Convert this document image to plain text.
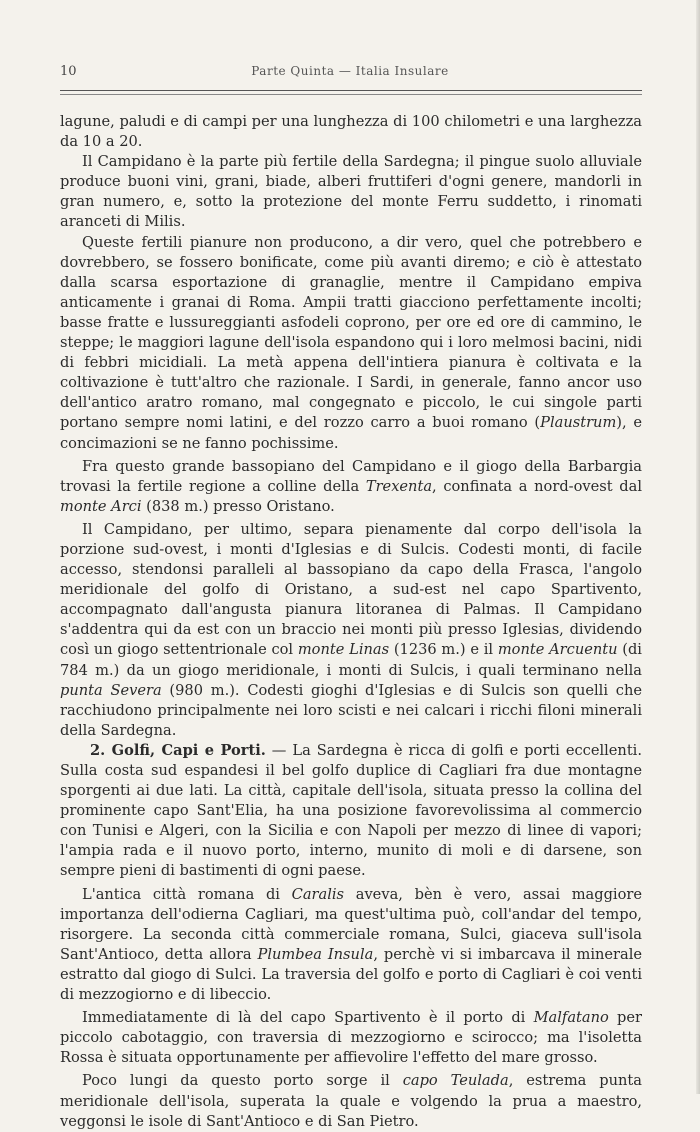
10	Parte Quinta — Italia Insulare

lagune, paludi e di campi per una lunghezza di 100 chilometri e una larghezza da 10 a 20.

Il Campidano è la parte più fertile della Sardegna; il pingue suolo alluviale produce buoni vini, grani, biade, alberi fruttiferi d'ogni genere, mandorli in gran numero, e, sotto la protezione del monte Ferru suddetto, i rinomati aranceti di Milis.

Queste fertili pianure non producono, a dir vero, quel che potrebbero e dovrebbero, se fossero bonificate, come più avanti diremo; e ciò è attestato dalla scarsa esportazione di granaglie, mentre il Campidano empiva anticamente i granai di Roma. Ampii tratti giacciono perfettamente incolti; basse fratte e lussureggianti asfodeli coprono, per ore ed ore di cammino, le steppe; le maggiori lagune dell'isola espandono qui i loro melmosi bacini, nidi di febbri micidiali. La metà appena dell'intiera pianura è coltivata e la coltivazione è tutt'altro che razionale. I Sardi, in generale, fanno ancor uso dell'antico aratro romano, mal congegnato e piccolo, le cui singole parti portano sempre nomi latini, e del rozzo carro a buoi romano (Plaustrum), e concimazioni se ne fanno pochissime.

Fra questo grande bassopiano del Campidano e il giogo della Barbargia trovasi la fertile regione a colline della Trexenta, confinata a nord-ovest dal monte Arci (838 m.) presso Oristano.

Il Campidano, per ultimo, separa pienamente dal corpo dell'isola la porzione sud-ovest, i monti d'Iglesias e di Sulcis. Codesti monti, di facile accesso, stendonsi paralleli al bassopiano da capo della Frasca, l'angolo meridionale del golfo di Oristano, a sud-est nel capo Spartivento, accompagnato dall'angusta pianura litoranea di Palmas. Il Campidano s'addentra qui da est con un braccio nei monti più presso Iglesias, dividendo così un giogo settentrionale col monte Linas (1236 m.) e il monte Arcuentu (di 784 m.) da un giogo meridionale, i monti di Sulcis, i quali terminano nella punta Severa (980 m.). Codesti gioghi d'Iglesias e di Sulcis son quelli che racchiudono principalmente nei loro scisti e nei calcari i ricchi filoni minerali della Sardegna.

2. Golfi, Capi e Porti. — La Sardegna è ricca di golfi e porti eccellenti. Sulla costa sud espandesi il bel golfo duplice di Cagliari fra due montagne sporgenti ai due lati. La città, capitale dell'isola, situata presso la collina del prominente capo Sant'Elia, ha una posizione favorevolissima al commercio con Tunisi e Algeri, con la Sicilia e con Napoli per mezzo di linee di vapori; l'ampia rada e il nuovo porto, interno, munito di moli e di darsene, son sempre pieni di bastimenti di ogni paese.

L'antica città romana di Caralis aveva, bèn è vero, assai maggiore importanza dell'odierna Cagliari, ma quest'ultima può, coll'andar del tempo, risorgere. La seconda città commerciale romana, Sulci, giaceva sull'isola Sant'Antioco, detta allora Plumbea Insula, perchè vi si imbarcava il minerale estratto dal giogo di Sulci. La traversia del golfo e porto di Cagliari è coi venti di mezzogiorno e di libeccio.

Immediatamente di là del capo Spartivento è il porto di Malfatano per piccolo cabotaggio, con traversia di mezzogiorno e scirocco; ma l'isoletta Rossa è situata opportunamente per affievolire l'effetto del mare grosso.

Poco lungi da questo porto sorge il capo Teulada, estrema punta meridionale dell'isola, superata la quale e volgendo la prua a maestro, veggonsi le isole di Sant'Antioco e di San Pietro.
